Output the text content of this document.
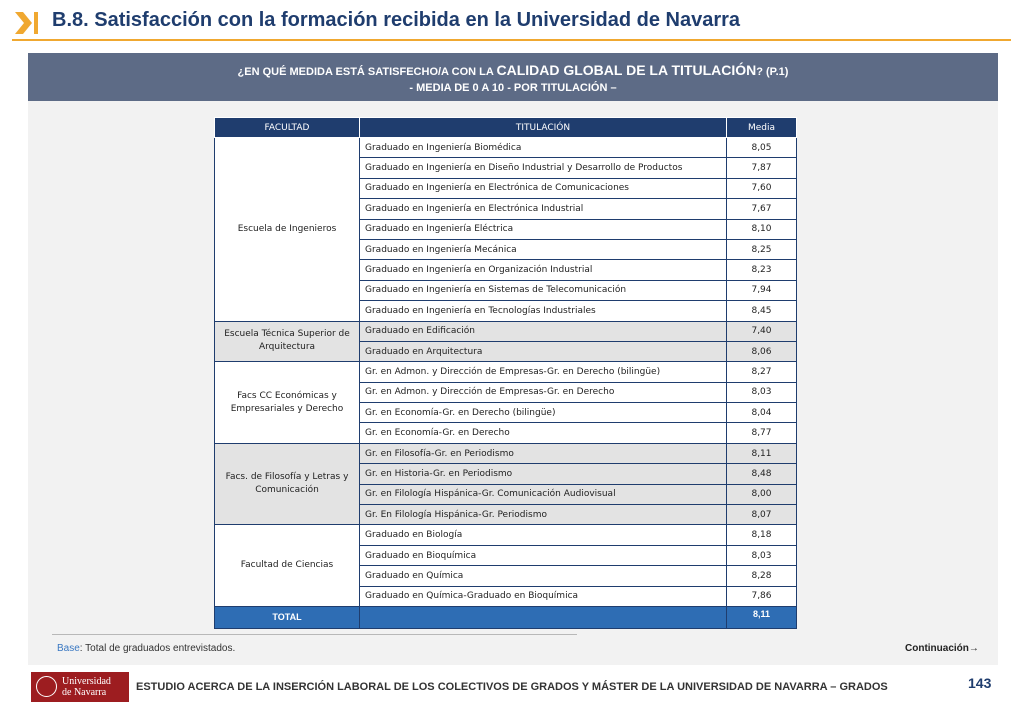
B.8. Satisfacción con la formación recibida en la Universidad de Navarra
¿EN QUÉ MEDIDA ESTÁ SATISFECHO/A CON LA CALIDAD GLOBAL DE LA TITULACIÓN? (P.1)
- MEDIA DE 0 A 10 - POR TITULACIÓN –
FACULTAD	TITULACIÓN	Media
Escuela de Ingenieros	Graduado en Ingeniería Biomédica	8,05
	Graduado en Ingeniería en Diseño Industrial y Desarrollo de Productos	7,87
	Graduado en Ingeniería en Electrónica de Comunicaciones	7,60
	Graduado en Ingeniería en Electrónica Industrial	7,67
	Graduado en Ingeniería Eléctrica	8,10
	Graduado en Ingeniería Mecánica	8,25
	Graduado en Ingeniería en Organización Industrial	8,23
	Graduado en Ingeniería en Sistemas de Telecomunicación	7,94
	Graduado en Ingeniería en Tecnologías Industriales	8,45
Escuela Técnica Superior de Arquitectura	Graduado en Edificación	7,40
	Graduado en Arquitectura	8,06
Facs CC Económicas y Empresariales y Derecho	Gr. en Admon. y Dirección de Empresas-Gr. en Derecho (bilingüe)	8,27
	Gr. en Admon. y Dirección de Empresas-Gr. en Derecho	8,03
	Gr. en Economía-Gr. en Derecho (bilingüe)	8,04
	Gr. en Economía-Gr. en Derecho	8,77
Facs. de Filosofía y Letras y Comunicación	Gr. en Filosofía-Gr. en Periodismo	8,11
	Gr. en Historia-Gr. en Periodismo	8,48
	Gr. en Filología Hispánica-Gr. Comunicación Audiovisual	8,00
	Gr. En Filología Hispánica-Gr. Periodismo	8,07
Facultad de Ciencias	Graduado en Biología	8,18
	Graduado en Bioquímica	8,03
	Graduado en Química	8,28
	Graduado en Química-Graduado en Bioquímica	7,86
TOTAL		8,11
Base: Total de graduados entrevistados.	Continuación→
Universidad
de Navarra	ESTUDIO ACERCA DE LA INSERCIÓN LABORAL DE LOS COLECTIVOS DE GRADOS Y MÁSTER DE LA UNIVERSIDAD DE NAVARRA – GRADOS	143
